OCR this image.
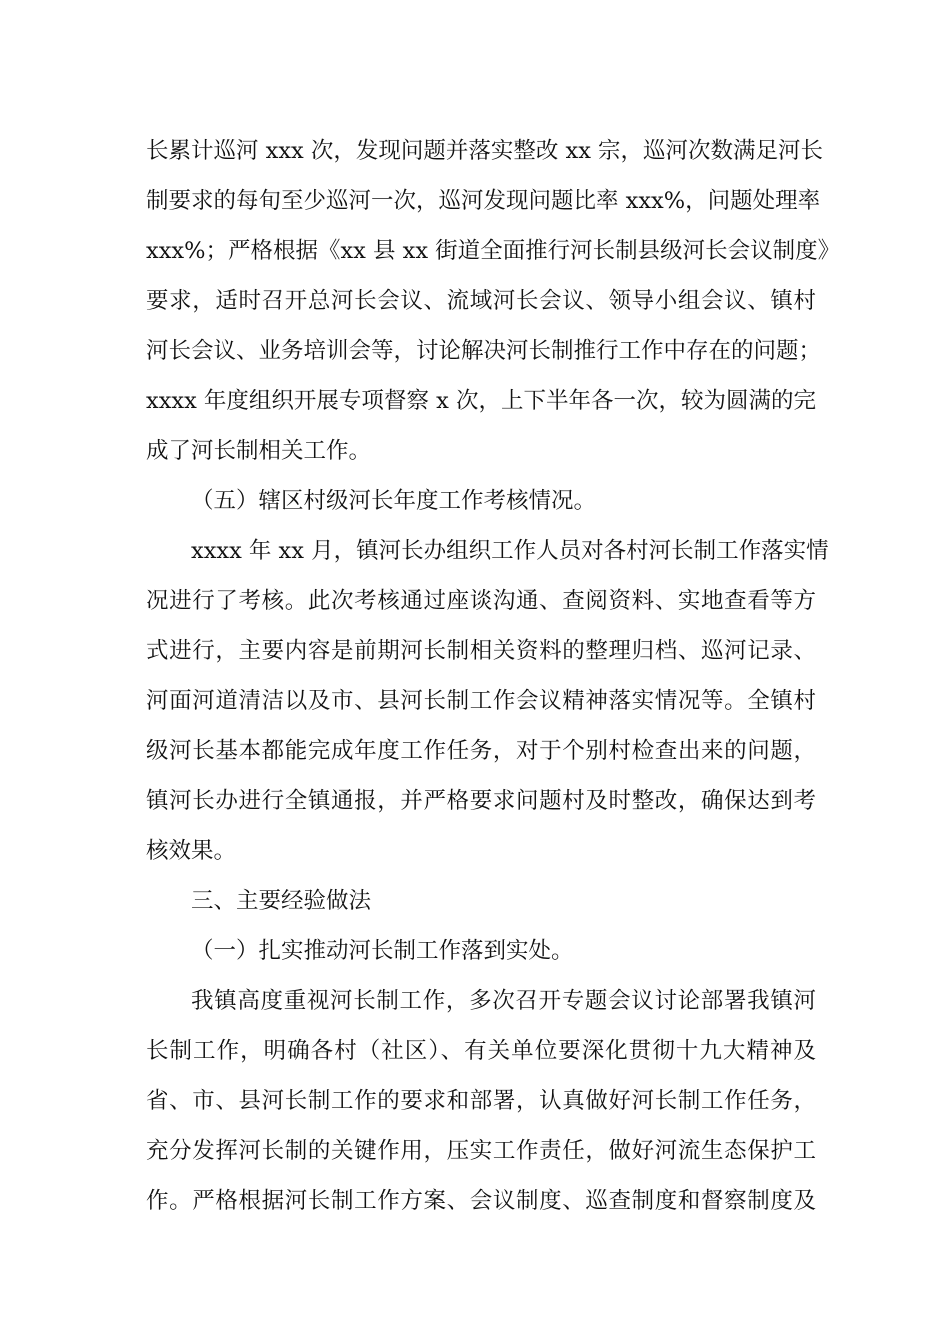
长累计巡河 xxx 次，发现问题并落实整改 xx 宗，巡河次数满足河长
制要求的每旬至少巡河一次，巡河发现问题比率 xxx%，问题处理率
xxx%；严格根据《xx 县 xx 街道全面推行河长制县级河长会议制度》
要求，适时召开总河长会议、流域河长会议、领导小组会议、镇村
河长会议、业务培训会等，讨论解决河长制推行工作中存在的问题；
xxxx 年度组织开展专项督察 x 次，上下半年各一次，较为圆满的完
成了河长制相关工作。
（五）辖区村级河长年度工作考核情况。
xxxx 年 xx 月，镇河长办组织工作人员对各村河长制工作落实情
况进行了考核。此次考核通过座谈沟通、查阅资料、实地查看等方
式进行，主要内容是前期河长制相关资料的整理归档、巡河记录、
河面河道清洁以及市、县河长制工作会议精神落实情况等。全镇村
级河长基本都能完成年度工作任务，对于个别村检查出来的问题，
镇河长办进行全镇通报，并严格要求问题村及时整改，确保达到考
核效果。
三、主要经验做法
（一）扎实推动河长制工作落到实处。
我镇高度重视河长制工作，多次召开专题会议讨论部署我镇河
长制工作，明确各村（社区）、有关单位要深化贯彻十九大精神及
省、市、县河长制工作的要求和部署，认真做好河长制工作任务，
充分发挥河长制的关键作用，压实工作责任，做好河流生态保护工
作。严格根据河长制工作方案、会议制度、巡查制度和督察制度及
